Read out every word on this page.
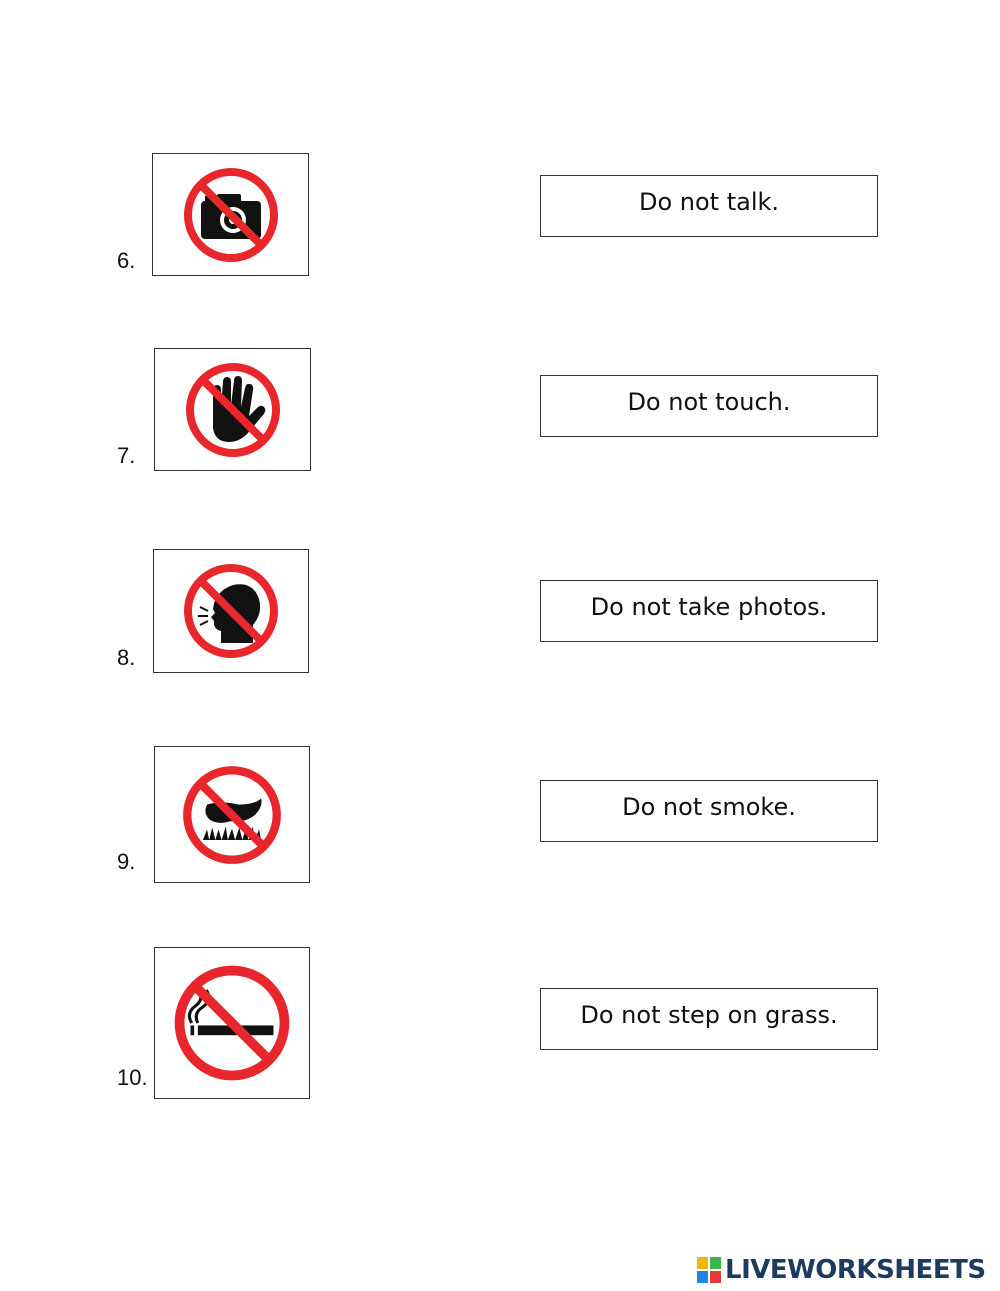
6.
7.
8.
9.
10.
Do not talk.
Do not touch.
Do not take photos.
Do not smoke.
Do not step on grass.
LIVEWORKSHEETS
